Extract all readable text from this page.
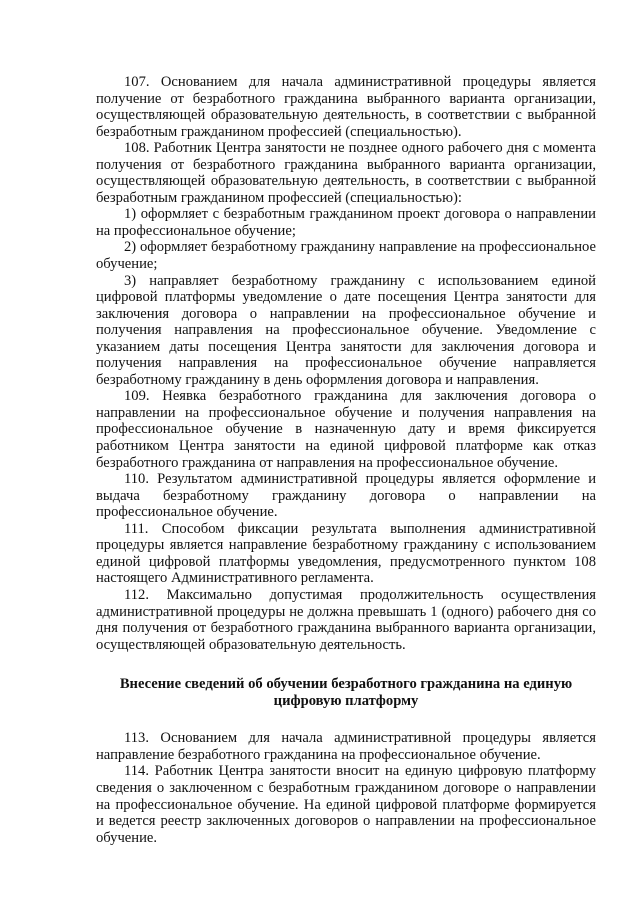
107. Основанием для начала административной процедуры является получение от безработного гражданина выбранного варианта организации, осуществляющей образовательную деятельность, в соответствии с выбранной безработным гражданином профессией (специальностью).

108. Работник Центра занятости не позднее одного рабочего дня с момента получения от безработного гражданина выбранного варианта организации, осуществляющей образовательную деятельность, в соответствии с выбранной безработным гражданином профессией (специальностью):

1) оформляет с безработным гражданином проект договора о направлении на профессиональное обучение;

2) оформляет безработному гражданину направление на профессиональное обучение;

3) направляет безработному гражданину с использованием единой цифровой платформы уведомление о дате посещения Центра занятости для заключения договора о направлении на профессиональное обучение и получения направления на профессиональное обучение. Уведомление с указанием даты посещения Центра занятости для заключения договора и получения направления на профессиональное обучение направляется безработному гражданину в день оформления договора и направления.

109. Неявка безработного гражданина для заключения договора о направлении на профессиональное обучение и получения направления на профессиональное обучение в назначенную дату и время фиксируется работником Центра занятости на единой цифровой платформе как отказ безработного гражданина от направления на профессиональное обучение.

110. Результатом административной процедуры является оформление и выдача безработному гражданину договора о направлении на профессиональное обучение.

111. Способом фиксации результата выполнения административной процедуры является направление безработному гражданину с использованием единой цифровой платформы уведомления, предусмотренного пунктом 108 настоящего Административного регламента.

112. Максимально допустимая продолжительность осуществления административной процедуры не должна превышать 1 (одного) рабочего дня со дня получения от безработного гражданина выбранного варианта организации, осуществляющей образовательную деятельность.

Внесение сведений об обучении безработного гражданина на единую цифровую платформу

113. Основанием для начала административной процедуры является направление безработного гражданина на профессиональное обучение.

114. Работник Центра занятости вносит на единую цифровую платформу сведения о заключенном с безработным гражданином договоре о направлении на профессиональное обучение. На единой цифровой платформе формируется и ведется реестр заключенных договоров о направлении на профессиональное обучение.
